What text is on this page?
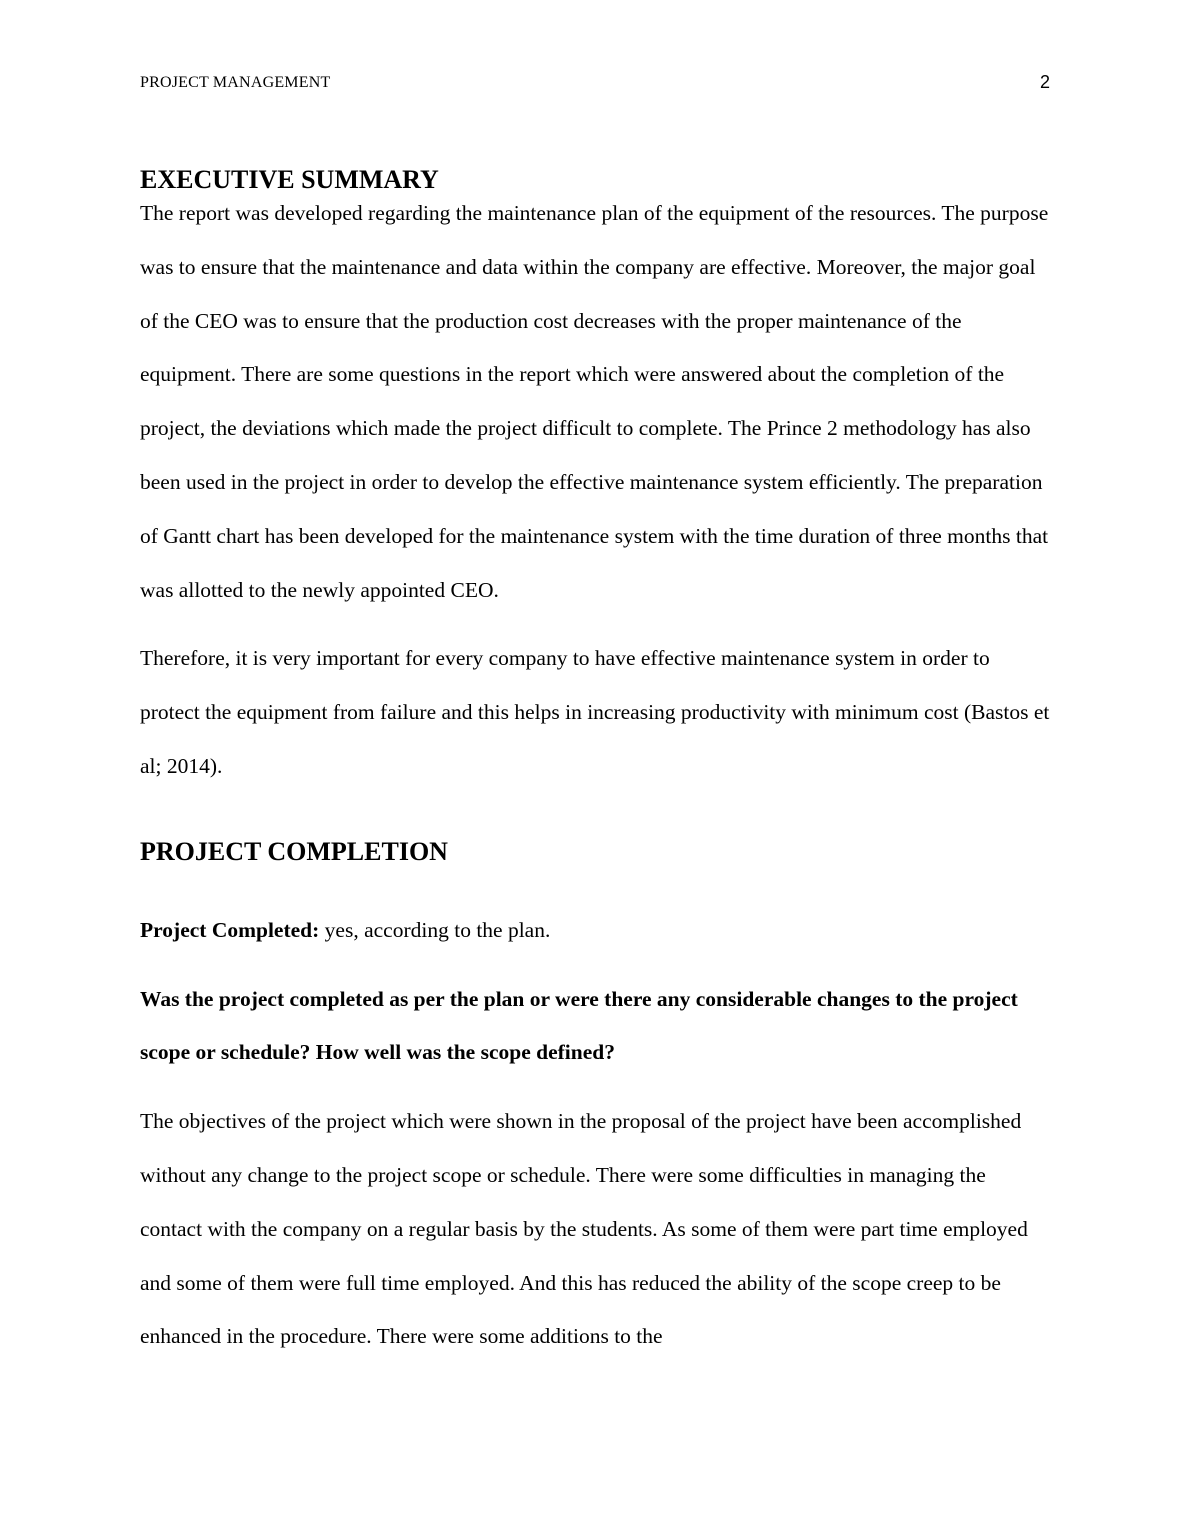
PROJECT MANAGEMENT	2
EXECUTIVE SUMMARY

The report was developed regarding the maintenance plan of the equipment of the resources. The purpose was to ensure that the maintenance and data within the company are effective. Moreover, the major goal of the CEO was to ensure that the production cost decreases with the proper maintenance of the equipment. There are some questions in the report which were answered about the completion of the project, the deviations which made the project difficult to complete. The Prince 2 methodology has also been used in the project in order to develop the effective maintenance system efficiently. The preparation of Gantt chart has been developed for the maintenance system with the time duration of three months that was allotted to the newly appointed CEO.

Therefore, it is very important for every company to have effective maintenance system in order to protect the equipment from failure and this helps in increasing productivity with minimum cost (Bastos et al; 2014).

PROJECT COMPLETION

Project Completed: yes, according to the plan.

Was the project completed as per the plan or were there any considerable changes to the project scope or schedule? How well was the scope defined?

The objectives of the project which were shown in the proposal of the project have been accomplished without any change to the project scope or schedule. There were some difficulties in managing the contact with the company on a regular basis by the students. As some of them were part time employed and some of them were full time employed. And this has reduced the ability of the scope creep to be enhanced in the procedure. There were some additions to the
